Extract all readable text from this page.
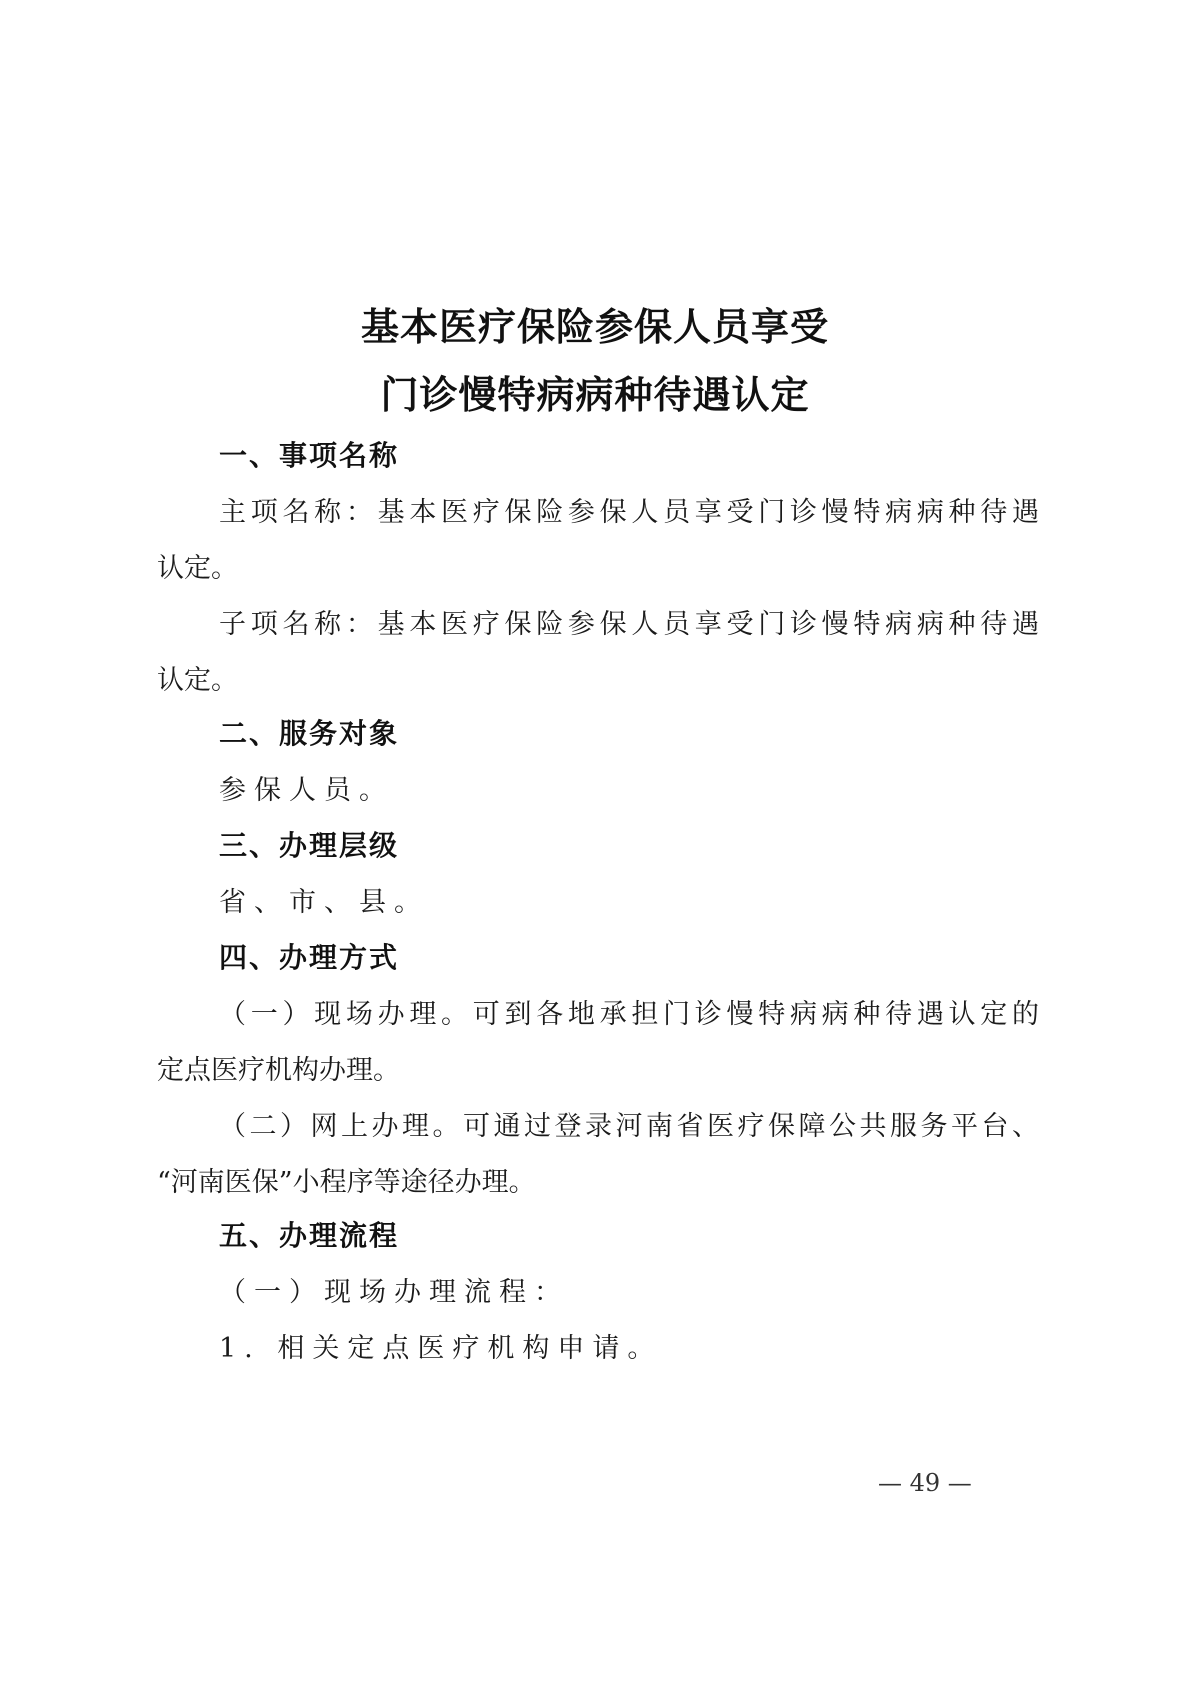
基本医疗保险参保人员享受
门诊慢特病病种待遇认定
一、事项名称

主项名称：基本医疗保险参保人员享受门诊慢特病病种待遇

认定。

子项名称：基本医疗保险参保人员享受门诊慢特病病种待遇

认定。

二、服务对象

参保人员。

三、办理层级

省、市、县。

四、办理方式

（一）现场办理。可到各地承担门诊慢特病病种待遇认定的

定点医疗机构办理。

（二）网上办理。可通过登录河南省医疗保障公共服务平台、

“河南医保”小程序等途径办理。

五、办理流程

（一）现场办理流程：

1. 相关定点医疗机构申请。

— 49 —
